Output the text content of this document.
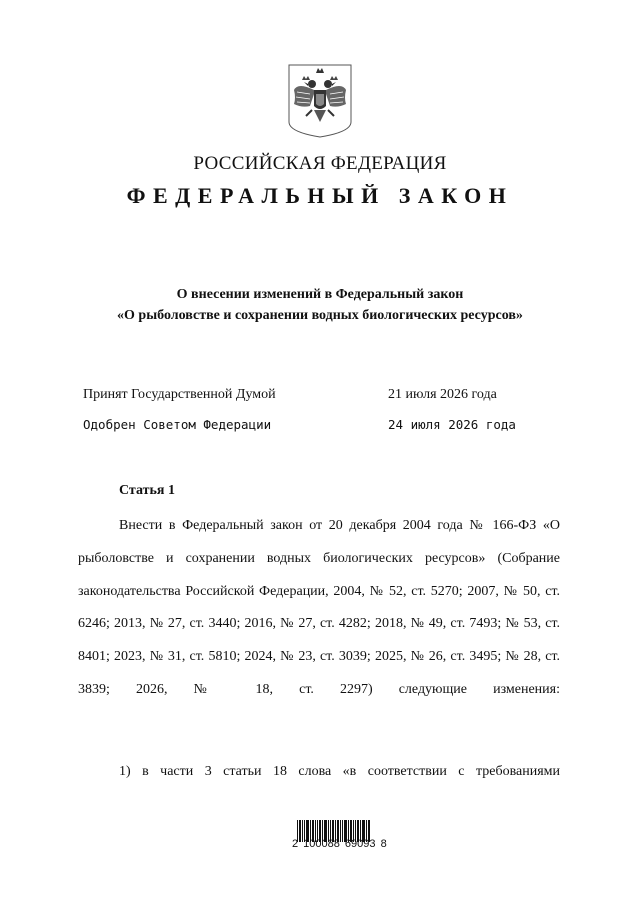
РОССИЙСКАЯ ФЕДЕРАЦИЯ
ФЕДЕРАЛЬНЫЙ ЗАКОН
О внесении изменений в Федеральный закон
«О рыболовстве и сохранении водных биологических ресурсов»
Принят Государственной Думой	21 июля 2026 года
Одобрен Советом Федерации	24 июля 2026 года
Статья 1
Внести в Федеральный закон от 20 декабря 2004 года № 166-ФЗ «О рыболовстве и сохранении водных биологических ресурсов» (Собрание законодательства Российской Федерации, 2004, № 52, ст. 5270; 2007, № 50, ст. 6246; 2013, № 27, ст. 3440; 2016, № 27, ст. 4282; 2018, № 49, ст. 7493; № 53, ст. 8401; 2023, № 31, ст. 5810; 2024, № 23, ст. 3039; 2025, № 26, ст. 3495; № 28, ст. 3839; 2026, № 18, ст. 2297) следующие изменения:
1) в части 3 статьи 18 слова «в соответствии с требованиями
2 100088 69093 8
